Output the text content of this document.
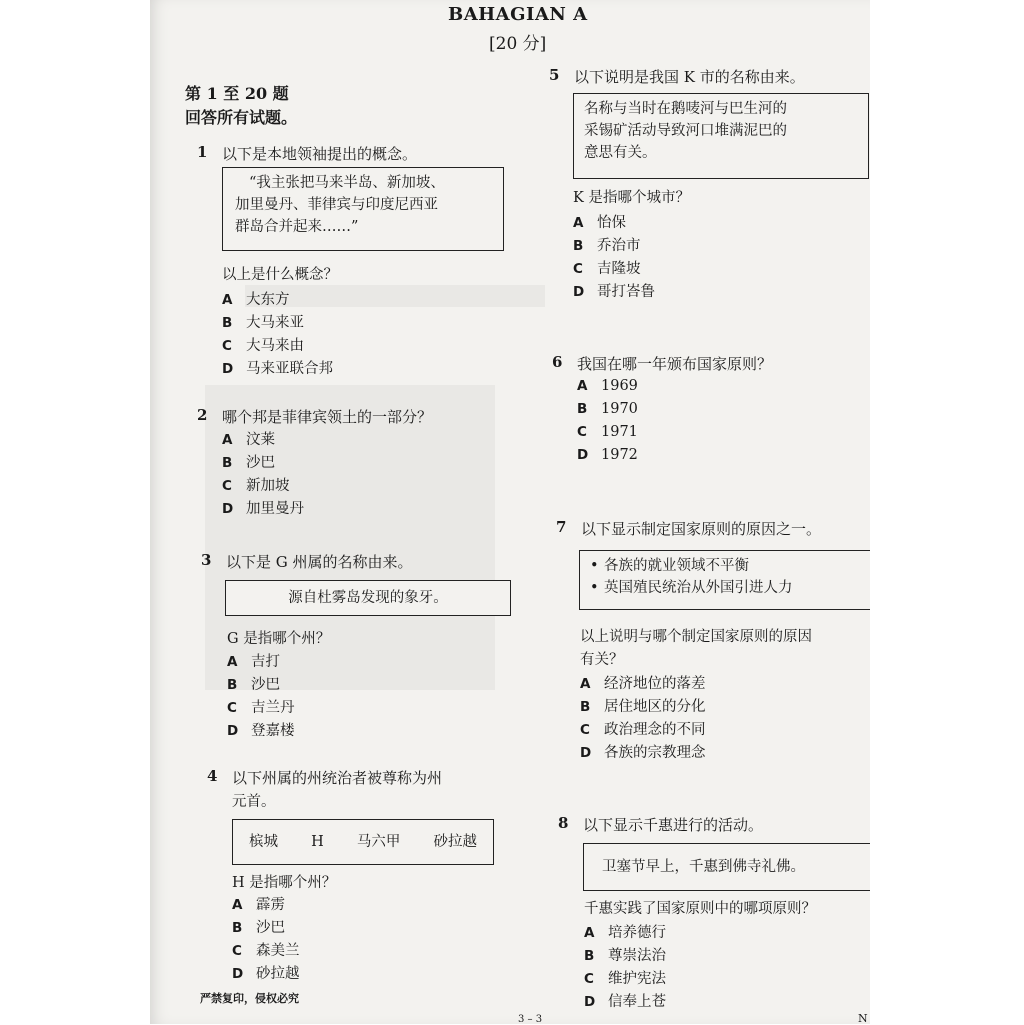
BAHAGIAN A
[20 分]
第 1 至 20 题
回答所有试题。
1 以下是本地领袖提出的概念。
“我主张把马来半岛、新加坡、
加里曼丹、菲律宾与印度尼西亚
群岛合并起来……”
以上是什么概念？
A 大东方
B 大马来亚
C 大马来由
D 马来亚联合邦
2 哪个邦是菲律宾领土的一部分？
A 汶莱
B 沙巴
C 新加坡
D 加里曼丹
3 以下是 G 州属的名称由来。
源自杜雾岛发现的象牙。
G 是指哪个州？
A 吉打
B 沙巴
C 吉兰丹
D 登嘉楼
4 以下州属的州统治者被尊称为州
元首。
槟城 H 马六甲 砂拉越
H 是指哪个州？
A 霹雳
B 沙巴
C 森美兰
D 砂拉越
5 以下说明是我国 K 市的名称由来。
名称与当时在鹅唛河与巴生河的
采锡矿活动导致河口堆满泥巴的
意思有关。
K 是指哪个城市？
A 怡保
B 乔治市
C 吉隆坡
D 哥打峇鲁
6 我国在哪一年颁布国家原则？
A 1969
B 1970
C 1971
D 1972
7 以下显示制定国家原则的原因之一。
• 各族的就业领域不平衡
• 英国殖民统治从外国引进人力
以上说明与哪个制定国家原则的原因
有关？
A 经济地位的落差
B 居住地区的分化
C 政治理念的不同
D 各族的宗教理念
8 以下显示千惠进行的活动。
卫塞节早上，千惠到佛寺礼佛。
千惠实践了国家原则中的哪项原则？
A 培养德行
B 尊崇法治
C 维护宪法
D 信奉上苍
严禁复印，侵权必究
3 – 3	N
